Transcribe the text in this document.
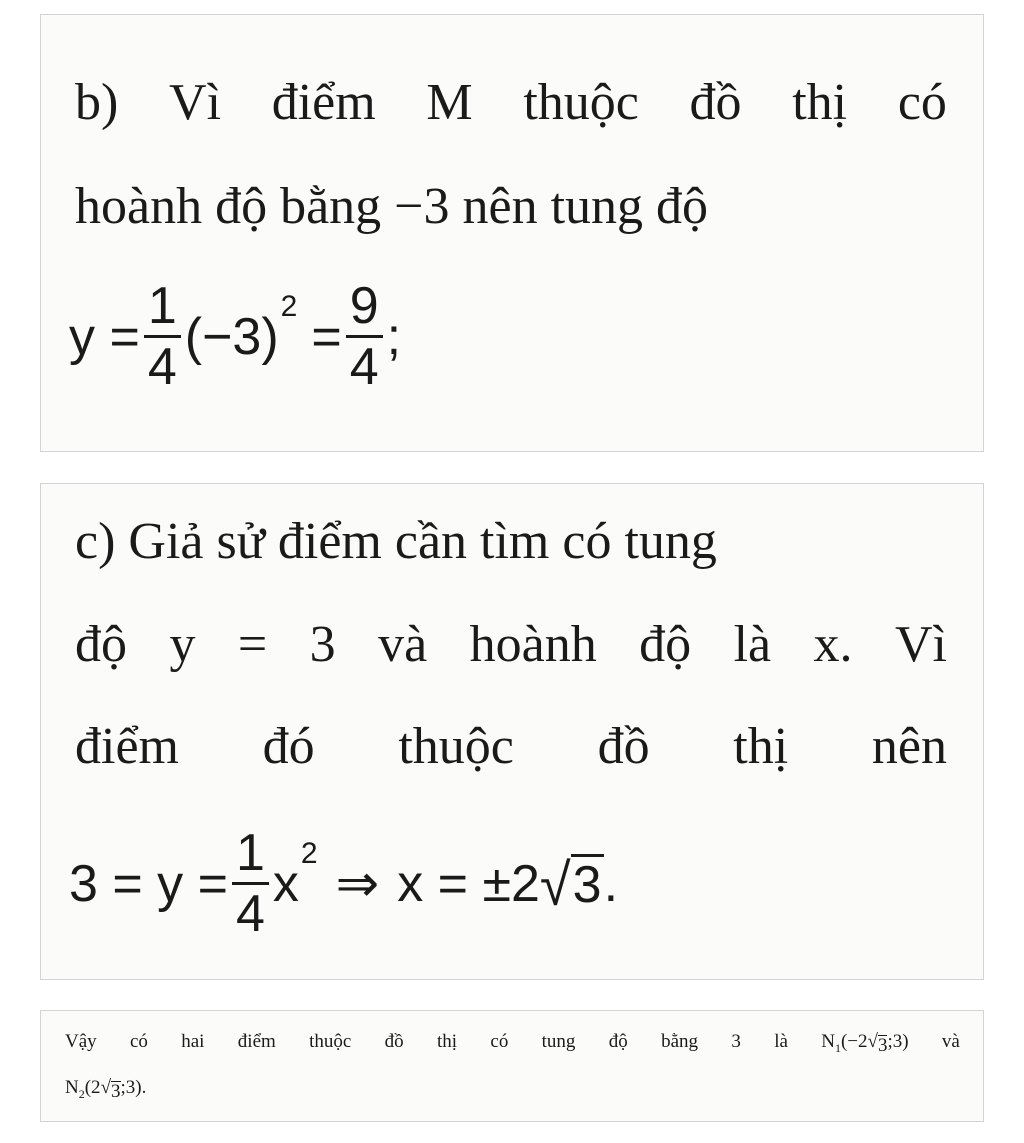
b) Vì điểm M thuộc đồ thị có
hoành độ bằng −3 nên tung độ
$y = \frac{1}{4} (-3)$
$^2$
= $\frac{9}{4}$ ;
c) Giả sử điểm cần tìm có tung
độ y = 3 và hoành độ là x. Vì
điểm đó thuộc đồ thị nên
$3 = y = \frac{1}{4}$ x
$^2$
⇒ x = ±2 √ 3 .
Vậy có hai điểm thuộc đồ thị có tung độ bằng 3 là $N_1(-2$ √ 3 ;3) và
$N_2(2$ √ 3 ;3).
